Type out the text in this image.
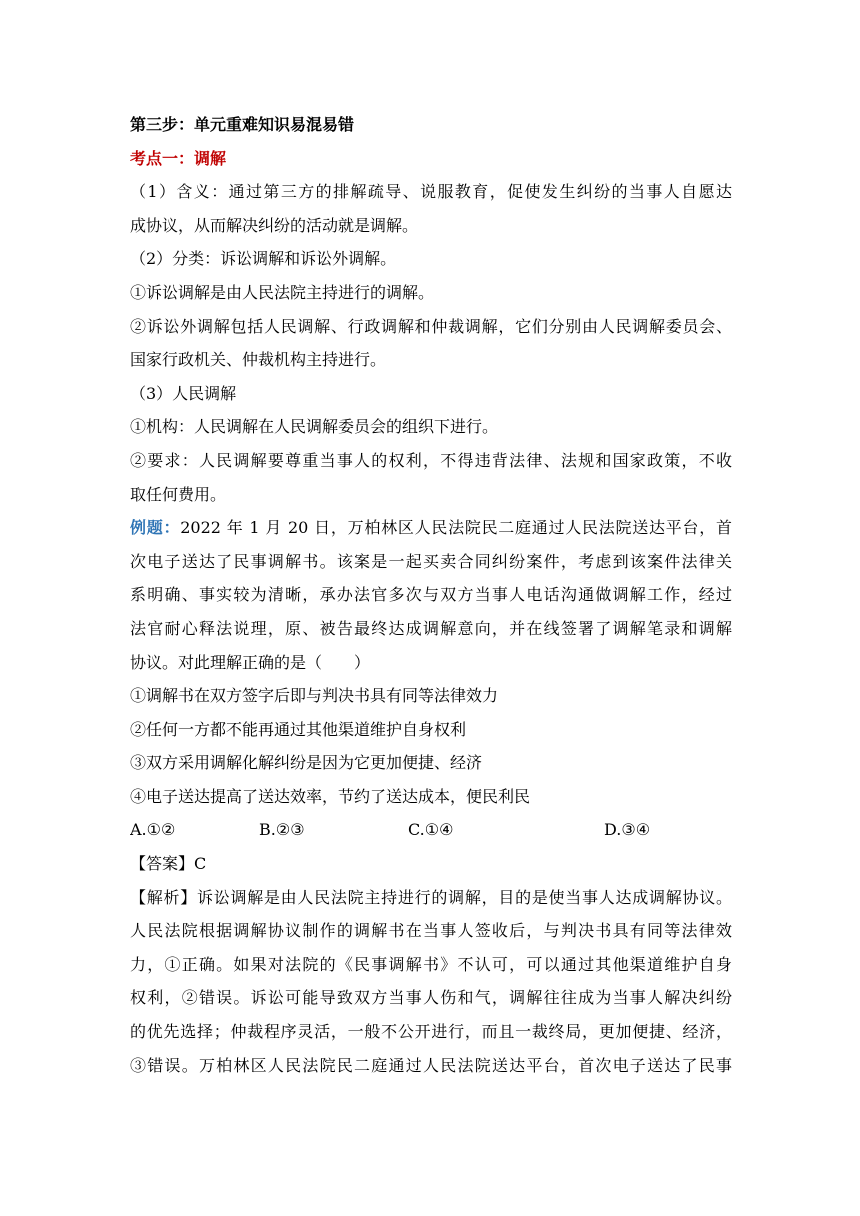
第三步：单元重难知识易混易错
考点一：调解
（1）含义：通过第三方的排解疏导、说服教育，促使发生纠纷的当事人自愿达
成协议，从而解决纠纷的活动就是调解。
（2）分类：诉讼调解和诉讼外调解。
①诉讼调解是由人民法院主持进行的调解。
②诉讼外调解包括人民调解、行政调解和仲裁调解，它们分别由人民调解委员会、
国家行政机关、仲裁机构主持进行。
（3）人民调解
①机构：人民调解在人民调解委员会的组织下进行。
②要求：人民调解要尊重当事人的权利，不得违背法律、法规和国家政策，不收
取任何费用。
例题：2022 年 1 月 20 日，万柏林区人民法院民二庭通过人民法院送达平台，首
次电子送达了民事调解书。该案是一起买卖合同纠纷案件，考虑到该案件法律关
系明确、事实较为清晰，承办法官多次与双方当事人电话沟通做调解工作，经过
法官耐心释法说理，原、被告最终达成调解意向，并在线签署了调解笔录和调解
协议。对此理解正确的是（　　）
①调解书在双方签字后即与判决书具有同等法律效力
②任何一方都不能再通过其他渠道维护自身权利
③双方采用调解化解纠纷是因为它更加便捷、经济
④电子送达提高了送达效率，节约了送达成本，便民利民
A.①②	B.②③	C.①④	D.③④
【答案】C
【解析】诉讼调解是由人民法院主持进行的调解，目的是使当事人达成调解协议。
人民法院根据调解协议制作的调解书在当事人签收后，与判决书具有同等法律效
力，①正确。如果对法院的《民事调解书》不认可，可以通过其他渠道维护自身
权利，②错误。诉讼可能导致双方当事人伤和气，调解往往成为当事人解决纠纷
的优先选择；仲裁程序灵活，一般不公开进行，而且一裁终局，更加便捷、经济，
③错误。万柏林区人民法院民二庭通过人民法院送达平台，首次电子送达了民事
